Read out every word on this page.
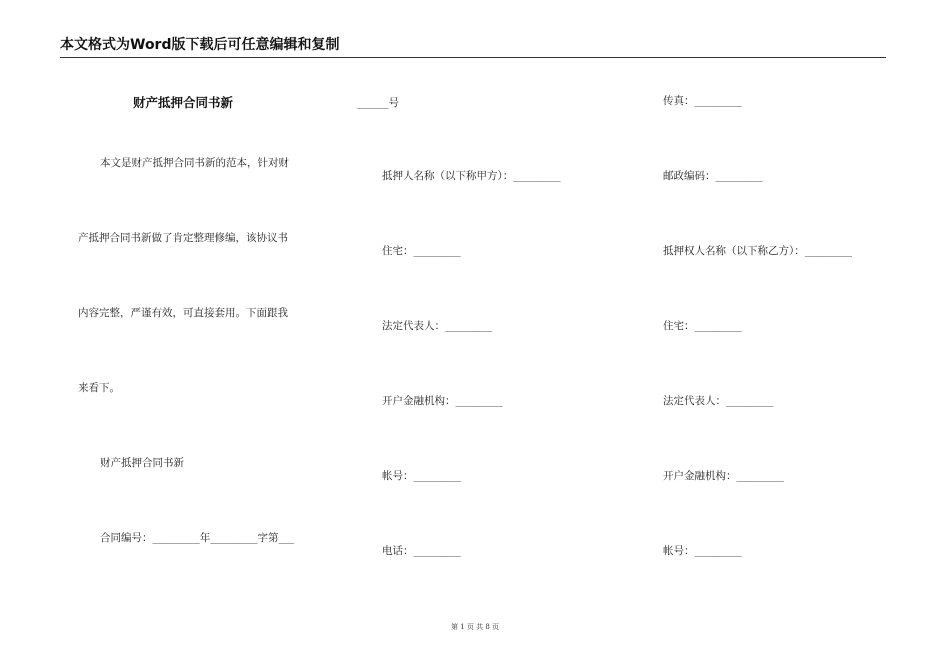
本文格式为Word版下载后可任意编辑和复制
财产抵押合同书新
本文是财产抵押合同书新的范本，针对财
产抵押合同书新做了肯定整理修编，该协议书
内容完整，严谨有效，可直接套用。下面跟我
来看下。
财产抵押合同书新
合同编号：_________年_________字第___
______号
抵押人名称（以下称甲方）：_________
住宅：_________
法定代表人：_________
开户金融机构：_________
帐号：_________
电话：_________
传真：_________
邮政编码：_________
抵押权人名称（以下称乙方）：_________
住宅：_________
法定代表人：_________
开户金融机构：_________
帐号：_________
第 1 页 共 8 页
